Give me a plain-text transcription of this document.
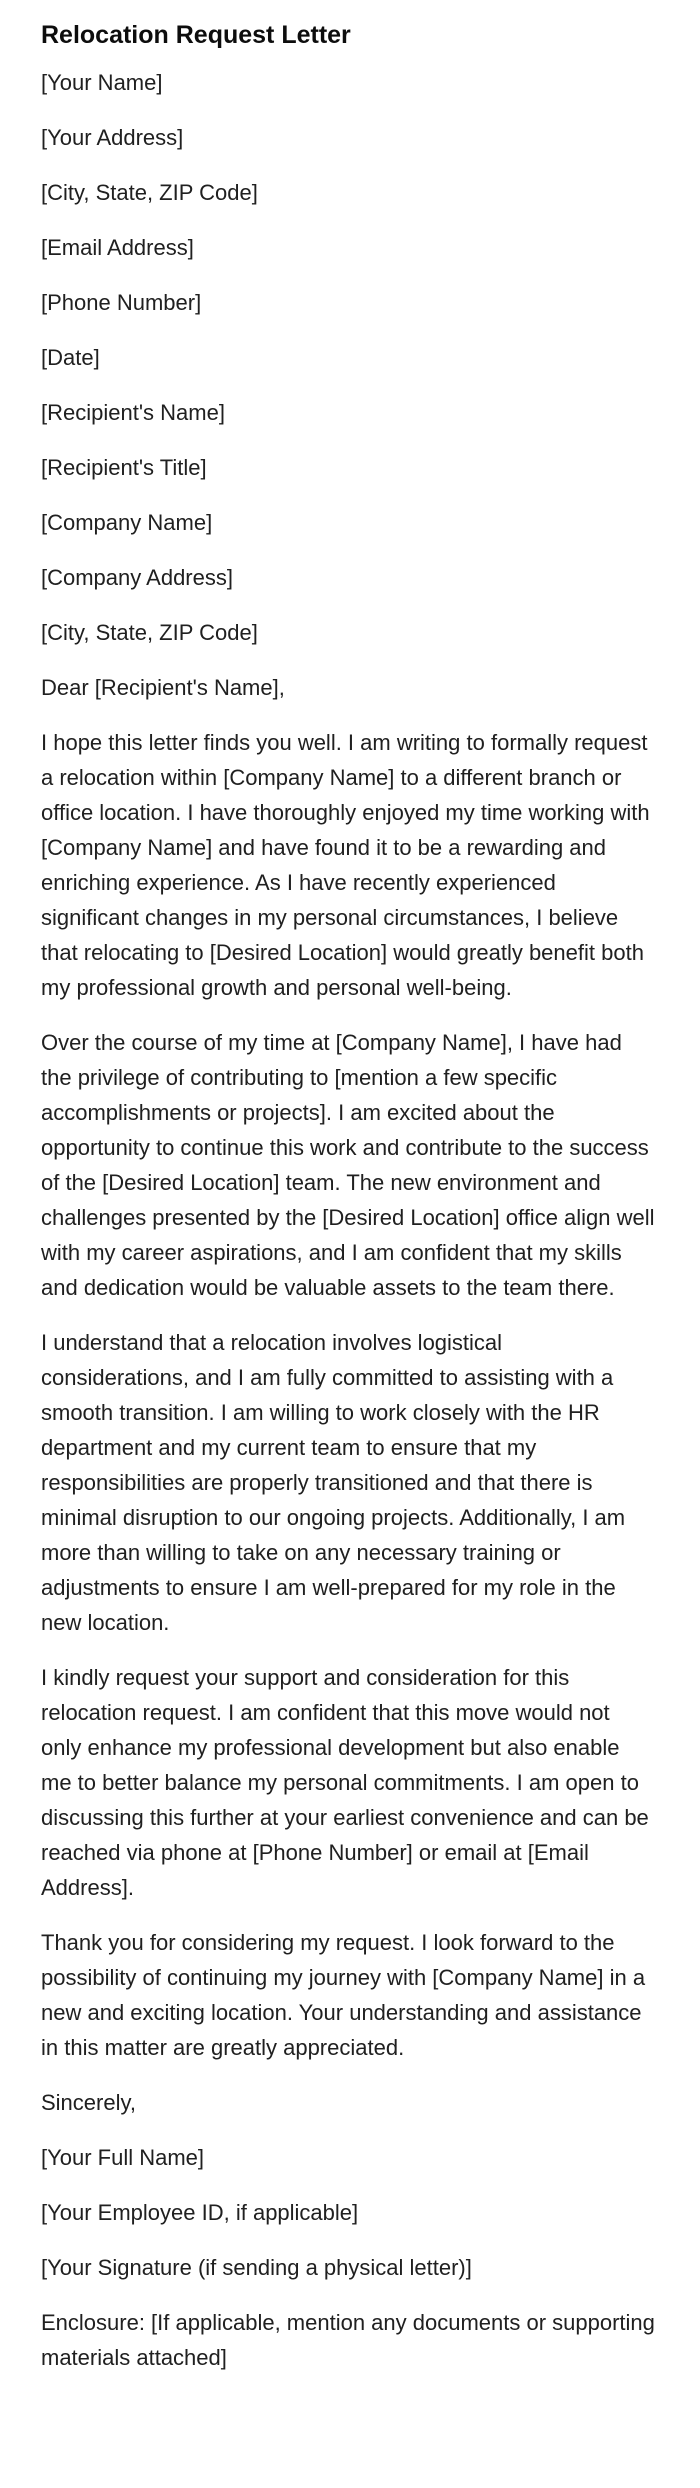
Relocation Request Letter

[Your Name]

[Your Address]

[City, State, ZIP Code]

[Email Address]

[Phone Number]

[Date]

[Recipient's Name]

[Recipient's Title]

[Company Name]

[Company Address]

[City, State, ZIP Code]

Dear [Recipient's Name],

I hope this letter finds you well. I am writing to formally request a relocation within [Company Name] to a different branch or office location. I have thoroughly enjoyed my time working with [Company Name] and have found it to be a rewarding and enriching experience. As I have recently experienced significant changes in my personal circumstances, I believe that relocating to [Desired Location] would greatly benefit both my professional growth and personal well-being.

Over the course of my time at [Company Name], I have had the privilege of contributing to [mention a few specific accomplishments or projects]. I am excited about the opportunity to continue this work and contribute to the success of the [Desired Location] team. The new environment and challenges presented by the [Desired Location] office align well with my career aspirations, and I am confident that my skills and dedication would be valuable assets to the team there.

I understand that a relocation involves logistical considerations, and I am fully committed to assisting with a smooth transition. I am willing to work closely with the HR department and my current team to ensure that my responsibilities are properly transitioned and that there is minimal disruption to our ongoing projects. Additionally, I am more than willing to take on any necessary training or adjustments to ensure I am well-prepared for my role in the new location.

I kindly request your support and consideration for this relocation request. I am confident that this move would not only enhance my professional development but also enable me to better balance my personal commitments. I am open to discussing this further at your earliest convenience and can be reached via phone at [Phone Number] or email at [Email Address].

Thank you for considering my request. I look forward to the possibility of continuing my journey with [Company Name] in a new and exciting location. Your understanding and assistance in this matter are greatly appreciated.

Sincerely,

[Your Full Name]

[Your Employee ID, if applicable]

[Your Signature (if sending a physical letter)]

Enclosure: [If applicable, mention any documents or supporting materials attached]
